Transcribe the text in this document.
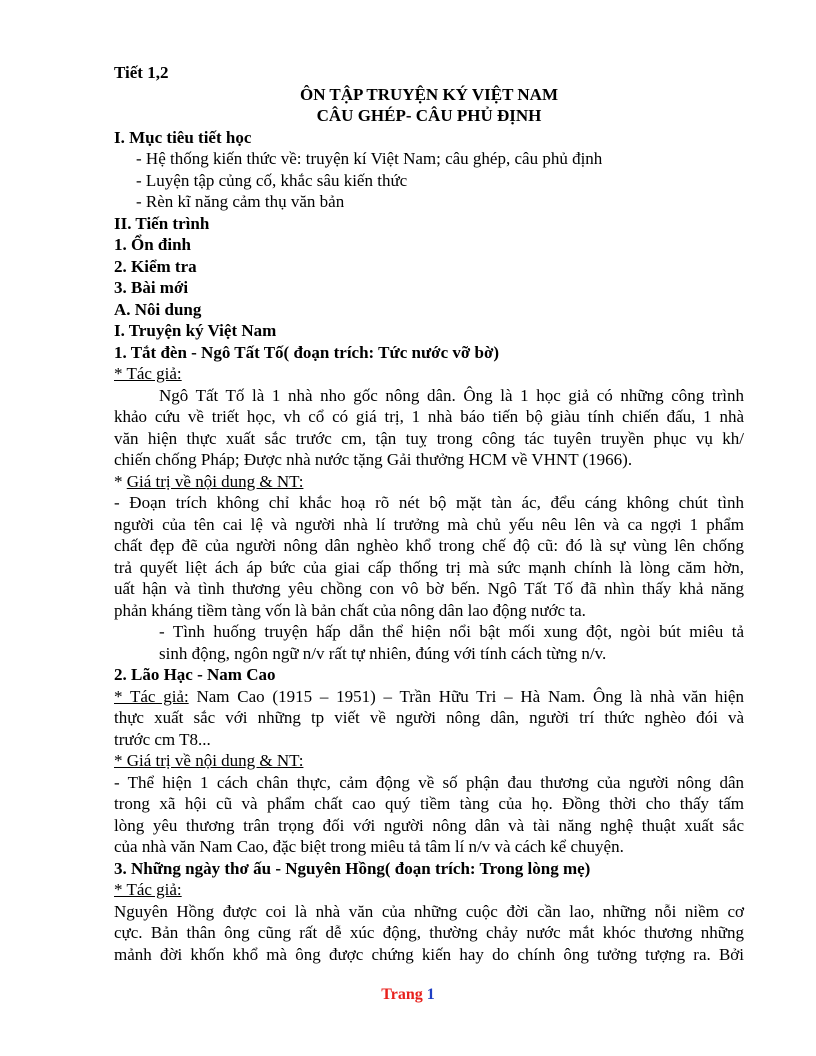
Tiết 1,2
ÔN TẬP TRUYỆN KÝ VIỆT NAM
CÂU GHÉP- CÂU PHỦ ĐỊNH
I. Mục tiêu tiết học
- Hệ thống kiến thức về: truyện kí Việt Nam; câu ghép, câu phủ định
- Luyện tập củng cố, khắc sâu kiến thức
- Rèn kĩ năng cảm thụ văn bản
II. Tiến trình
1. Ổn đinh
2. Kiểm tra
3. Bài mới
A. Nôi dung
I. Truyện ký Việt Nam
1. Tắt đèn - Ngô Tất Tố( đoạn trích: Tức nước vỡ bờ)
* Tác giả:
Ngô Tất Tố là 1 nhà nho gốc nông dân. Ông là 1 học giả có những công trình
khảo cứu về triết học, vh cổ có giá trị, 1 nhà báo tiến bộ giàu tính chiến đấu, 1 nhà
văn hiện thực xuất sắc trước cm, tận tuỵ trong công tác tuyên truyền phục vụ kh/
chiến chống Pháp; Được nhà nước tặng Gải thưởng HCM về VHNT (1966).
* Giá trị về nội dung & NT:
- Đoạn trích không chỉ khắc hoạ rõ nét bộ mặt tàn ác, đểu cáng không chút tình
người của tên cai lệ và người nhà lí trưởng mà chủ yếu nêu lên và ca ngợi 1 phẩm
chất đẹp đẽ của người nông dân nghèo khổ trong chế độ cũ: đó là sự vùng lên chống
trả quyết liệt ách áp bức của giai cấp thống trị mà sức mạnh chính là lòng căm hờn,
uất hận và tình thương yêu chồng con vô bờ bến. Ngô Tất Tố đã nhìn thấy khả năng
phản kháng tiềm tàng vốn là bản chất của nông dân lao động nước ta.
- Tình huống truyện hấp dẫn thể hiện nổi bật mối xung đột, ngòi bút miêu tả
sinh động, ngôn ngữ n/v rất tự nhiên, đúng với tính cách từng n/v.
2. Lão Hạc - Nam Cao
* Tác giả: Nam Cao (1915 – 1951) – Trần Hữu Tri – Hà Nam. Ông là nhà văn hiện
thực xuất sắc với những tp viết về người nông dân, người trí thức nghèo đói và
trước cm T8...
* Giá trị về nội dung & NT:
- Thể hiện 1 cách chân thực, cảm động về số phận đau thương của người nông dân
trong xã hội cũ và phẩm chất cao quý tiềm tàng của họ. Đồng thời cho thấy tấm
lòng yêu thương trân trọng đối với người nông dân và tài năng nghệ thuật xuất sắc
của nhà văn Nam Cao, đặc biệt trong miêu tả tâm lí n/v và cách kể chuyện.
3. Những ngày thơ ấu - Nguyên Hồng( đoạn trích: Trong lòng mẹ)
* Tác giả:
Nguyên Hồng được coi là nhà văn của những cuộc đời cần lao, những nỗi niềm cơ
cực. Bản thân ông cũng rất dễ xúc động, thường chảy nước mắt khóc thương những
mảnh đời khốn khổ mà ông được chứng kiến hay do chính ông tưởng tượng ra. Bởi
Trang 1
